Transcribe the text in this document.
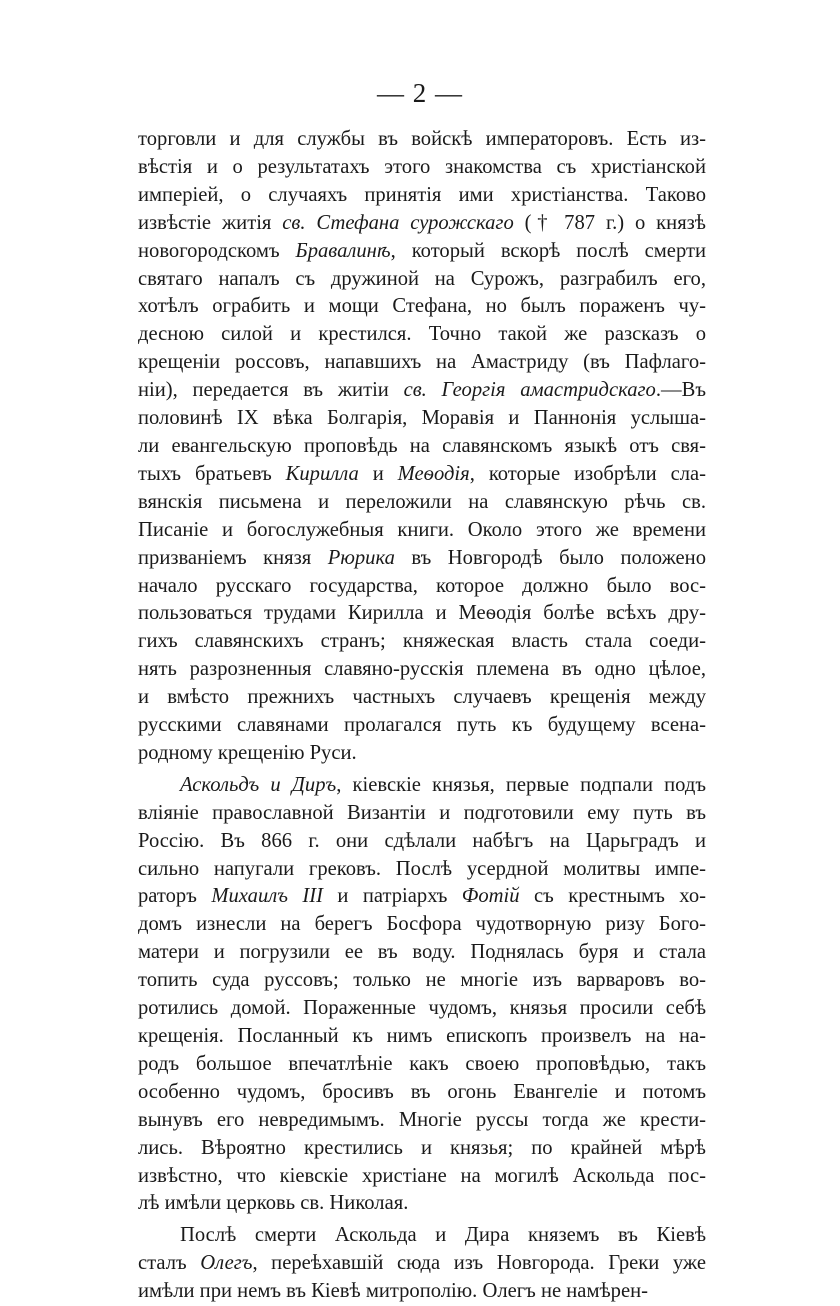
— 2 —
торговли и для службы въ войскѣ императоровъ. Есть из-
вѣстія и о результатахъ этого знакомства съ христіанской
имперіей, о случаяхъ принятія ими христіанства. Таково
извѣстіе житія св. Стефана сурожскаго († 787 г.) о князѣ
новогородскомъ Бравалинѣ, который вскорѣ послѣ смерти
святаго напалъ съ дружиной на Сурожъ, разграбилъ его,
хотѣлъ ограбить и мощи Стефана, но былъ пораженъ чу-
десною силой и крестился. Точно такой же разсказъ о
крещеніи россовъ, напавшихъ на Амастриду (въ Пафлаго-
ніи), передается въ житіи св. Георгія амастридскаго.—Въ
половинѣ IX вѣка Болгарія, Моравія и Паннонія услыша-
ли евангельскую проповѣдь на славянскомъ языкѣ отъ свя-
тыхъ братьевъ Кирилла и Меѳодія, которые изобрѣли сла-
вянскія письмена и переложили на славянскую рѣчь св.
Писаніе и богослужебныя книги. Около этого же времени
призваніемъ князя Рюрика въ Новгородѣ было положено
начало русскаго государства, которое должно было вос-
пользоваться трудами Кирилла и Меѳодія болѣе всѣхъ дру-
гихъ славянскихъ странъ; княжеская власть стала соеди-
нять разрозненныя славяно-русскія племена въ одно цѣлое,
и вмѣсто прежнихъ частныхъ случаевъ крещенія между
русскими славянами пролагался путь къ будущему всена-
родному крещенію Руси.
Аскольдъ и Диръ, кіевскіе князья, первые подпали подъ
вліяніе православной Византіи и подготовили ему путь въ
Россію. Въ 866 г. они сдѣлали набѣгъ на Царьградъ и
сильно напугали грековъ. Послѣ усердной молитвы импе-
раторъ Михаилъ III и патріархъ Фотій съ крестнымъ хо-
домъ изнесли на берегъ Босфора чудотворную ризу Бого-
матери и погрузили ее въ воду. Поднялась буря и стала
топить суда руссовъ; только не многіе изъ варваровъ во-
ротились домой. Пораженные чудомъ, князья просили себѣ
крещенія. Посланный къ нимъ епископъ произвелъ на на-
родъ большое впечатлѣніе какъ своею проповѣдью, такъ
особенно чудомъ, бросивъ въ огонь Евангеліе и потомъ
вынувъ его невредимымъ. Многіе руссы тогда же крести-
лись. Вѣроятно крестились и князья; по крайней мѣрѣ
извѣстно, что кіевскіе христіане на могилѣ Аскольда пос-
лѣ имѣли церковь св. Николая.
Послѣ смерти Аскольда и Дира княземъ въ Кіевѣ
сталъ Олегъ, переѣхавшій сюда изъ Новгорода. Греки уже
имѣли при немъ въ Кіевѣ митрополію. Олегъ не намѣрен-
